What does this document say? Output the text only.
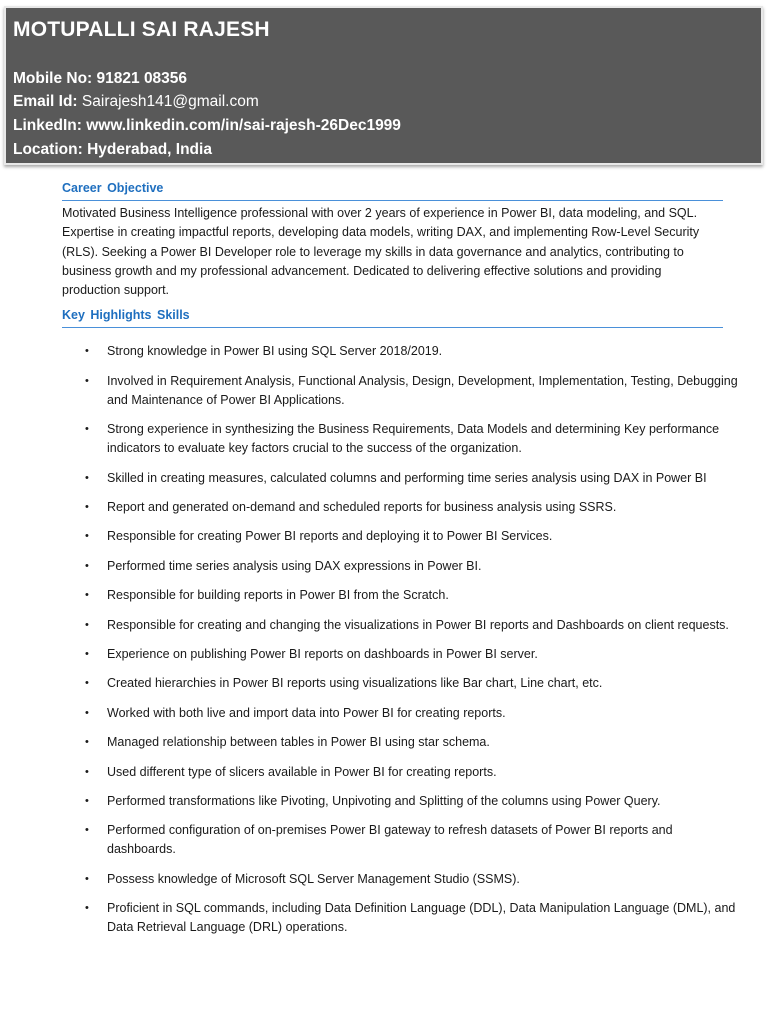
MOTUPALLI SAI RAJESH
Mobile No: 91821 08356
Email Id: Sairajesh141@gmail.com
LinkedIn: www.linkedin.com/in/sai-rajesh-26Dec1999
Location: Hyderabad, India
Career Objective
Motivated Business Intelligence professional with over 2 years of experience in Power BI, data modeling, and SQL. Expertise in creating impactful reports, developing data models, writing DAX, and implementing Row-Level Security (RLS). Seeking a Power BI Developer role to leverage my skills in data governance and analytics, contributing to business growth and my professional advancement. Dedicated to delivering effective solutions and providing production support.
Key Highlights Skills
• Strong knowledge in Power BI using SQL Server 2018/2019.
• Involved in Requirement Analysis, Functional Analysis, Design, Development, Implementation, Testing, Debugging and Maintenance of Power BI Applications.
• Strong experience in synthesizing the Business Requirements, Data Models and determining Key performance indicators to evaluate key factors crucial to the success of the organization.
• Skilled in creating measures, calculated columns and performing time series analysis using DAX in Power BI
• Report and generated on-demand and scheduled reports for business analysis using SSRS.
• Responsible for creating Power BI reports and deploying it to Power BI Services.
• Performed time series analysis using DAX expressions in Power BI.
• Responsible for building reports in Power BI from the Scratch.
• Responsible for creating and changing the visualizations in Power BI reports and Dashboards on client requests.
• Experience on publishing Power BI reports on dashboards in Power BI server.
• Created hierarchies in Power BI reports using visualizations like Bar chart, Line chart, etc.
• Worked with both live and import data into Power BI for creating reports.
• Managed relationship between tables in Power BI using star schema.
• Used different type of slicers available in Power BI for creating reports.
• Performed transformations like Pivoting, Unpivoting and Splitting of the columns using Power Query.
• Performed configuration of on-premises Power BI gateway to refresh datasets of Power BI reports and dashboards.
• Possess knowledge of Microsoft SQL Server Management Studio (SSMS).
• Proficient in SQL commands, including Data Definition Language (DDL), Data Manipulation Language (DML), and Data Retrieval Language (DRL) operations.
